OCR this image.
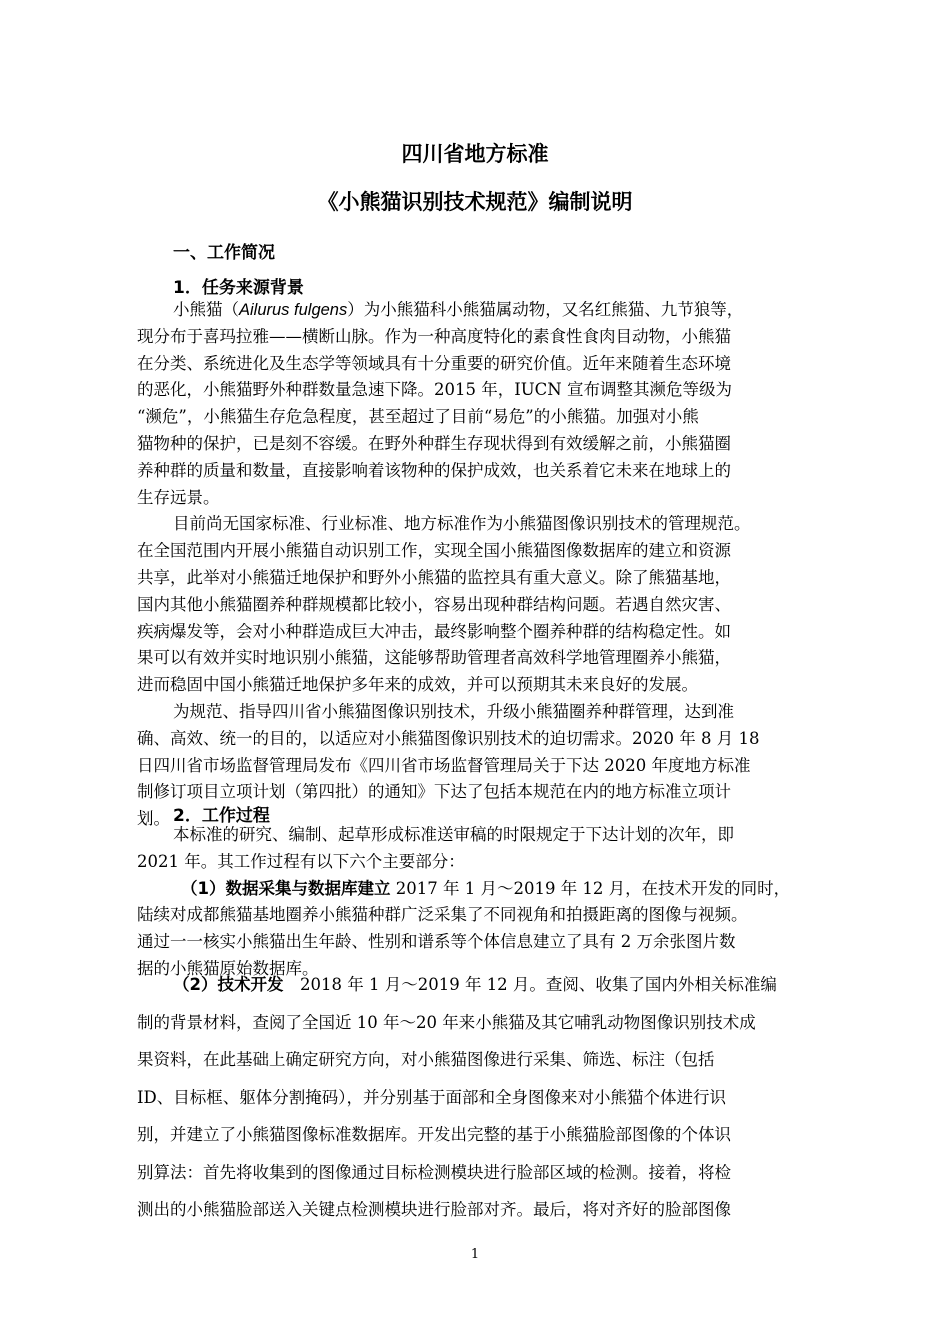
四川省地方标准
《小熊猫识别技术规范》编制说明
一、工作简况
1．任务来源背景
小熊猫（Ailurus fulgens）为小熊猫科小熊猫属动物，又名红熊猫、九节狼等，
现分布于喜玛拉雅——横断山脉。作为一种高度特化的素食性食肉目动物，小熊猫
在分类、系统进化及生态学等领域具有十分重要的研究价值。近年来随着生态环境
的恶化，小熊猫野外种群数量急速下降。2015 年，IUCN 宣布调整其濒危等级为
“濒危”，小熊猫生存危急程度，甚至超过了目前“易危”的小熊猫。加强对小熊
猫物种的保护，已是刻不容缓。在野外种群生存现状得到有效缓解之前，小熊猫圈
养种群的质量和数量，直接影响着该物种的保护成效，也关系着它未来在地球上的
生存远景。
目前尚无国家标准、行业标准、地方标准作为小熊猫图像识别技术的管理规范。
在全国范围内开展小熊猫自动识别工作，实现全国小熊猫图像数据库的建立和资源
共享，此举对小熊猫迁地保护和野外小熊猫的监控具有重大意义。除了熊猫基地，
国内其他小熊猫圈养种群规模都比较小，容易出现种群结构问题。若遇自然灾害、
疾病爆发等，会对小种群造成巨大冲击，最终影响整个圈养种群的结构稳定性。如
果可以有效并实时地识别小熊猫，这能够帮助管理者高效科学地管理圈养小熊猫，
进而稳固中国小熊猫迁地保护多年来的成效，并可以预期其未来良好的发展。
为规范、指导四川省小熊猫图像识别技术，升级小熊猫圈养种群管理，达到准
确、高效、统一的目的，以适应对小熊猫图像识别技术的迫切需求。2020 年 8 月 18
日四川省市场监督管理局发布《四川省市场监督管理局关于下达 2020 年度地方标准
制修订项目立项计划（第四批）的通知》下达了包括本规范在内的地方标准立项计
划。 2．工作过程
本标准的研究、编制、起草形成标准送审稿的时限规定于下达计划的次年，即
2021 年。其工作过程有以下六个主要部分：
（1）数据采集与数据库建立 2017 年 1 月～2019 年 12 月，在技术开发的同时，
陆续对成都熊猫基地圈养小熊猫种群广泛采集了不同视角和拍摄距离的图像与视频。
通过一一核实小熊猫出生年龄、性别和谱系等个体信息建立了具有 2 万余张图片数
据的小熊猫原始数据库。
（2）技术开发　2018 年 1 月～2019 年 12 月。查阅、收集了国内外相关标准编
制的背景材料，查阅了全国近 10 年～20 年来小熊猫及其它哺乳动物图像识别技术成
果资料，在此基础上确定研究方向，对小熊猫图像进行采集、筛选、标注（包括
ID、目标框、躯体分割掩码），并分别基于面部和全身图像来对小熊猫个体进行识
别，并建立了小熊猫图像标准数据库。开发出完整的基于小熊猫脸部图像的个体识
别算法：首先将收集到的图像通过目标检测模块进行脸部区域的检测。接着，将检
测出的小熊猫脸部送入关键点检测模块进行脸部对齐。最后，将对齐好的脸部图像
1
